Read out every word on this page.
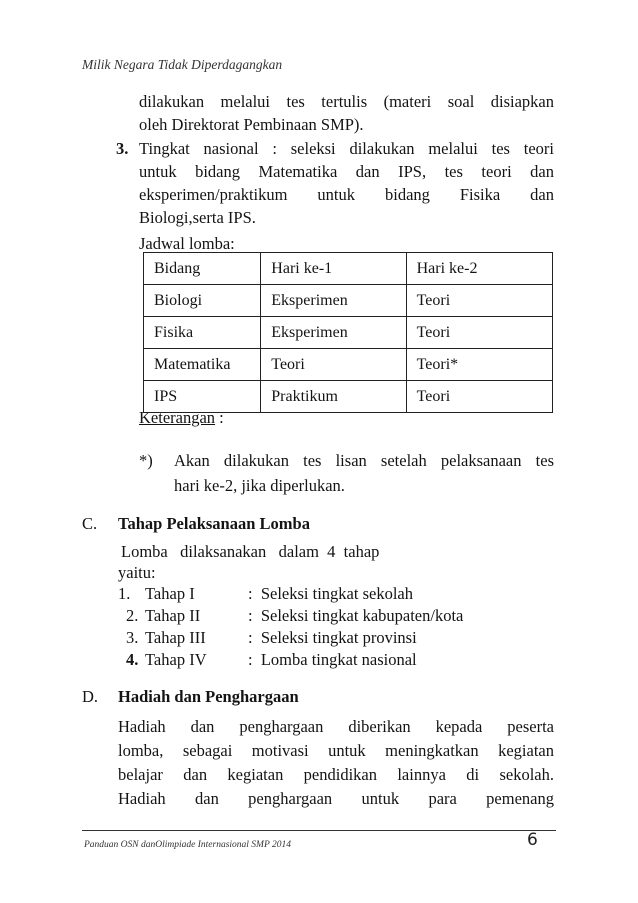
Milik Negara Tidak Diperdagangkan
dilakukan melalui tes tertulis (materi soal disiapkan
oleh Direktorat Pembinaan SMP).
3. Tingkat nasional : seleksi dilakukan melalui tes teori
untuk bidang Matematika dan IPS, tes teori dan
eksperimen/praktikum untuk bidang Fisika dan
Biologi,serta IPS.
Jadwal lomba:
Bidang	Hari ke-1	Hari ke-2
Biologi	Eksperimen	Teori
Fisika	Eksperimen	Teori
Matematika	Teori	Teori*
IPS	Praktikum	Teori
Keterangan :
*) Akan dilakukan tes lisan setelah pelaksanaan tes
hari ke-2, jika diperlukan.
C. Tahap Pelaksanaan Lomba
Lomba   dilaksanakan   dalam  4  tahap
yaitu:
1. Tahap I	:  Seleksi tingkat sekolah
2. Tahap II	:  Seleksi tingkat kabupaten/kota
3. Tahap III	:  Seleksi tingkat provinsi
4. Tahap IV	:  Lomba tingkat nasional
D. Hadiah dan Penghargaan
Hadiah dan penghargaan diberikan kepada peserta
lomba, sebagai motivasi untuk meningkatkan kegiatan
belajar dan kegiatan pendidikan lainnya di sekolah.
Hadiah dan penghargaan untuk para pemenang
Panduan OSN danOlimpiade Internasional SMP 2014	6
